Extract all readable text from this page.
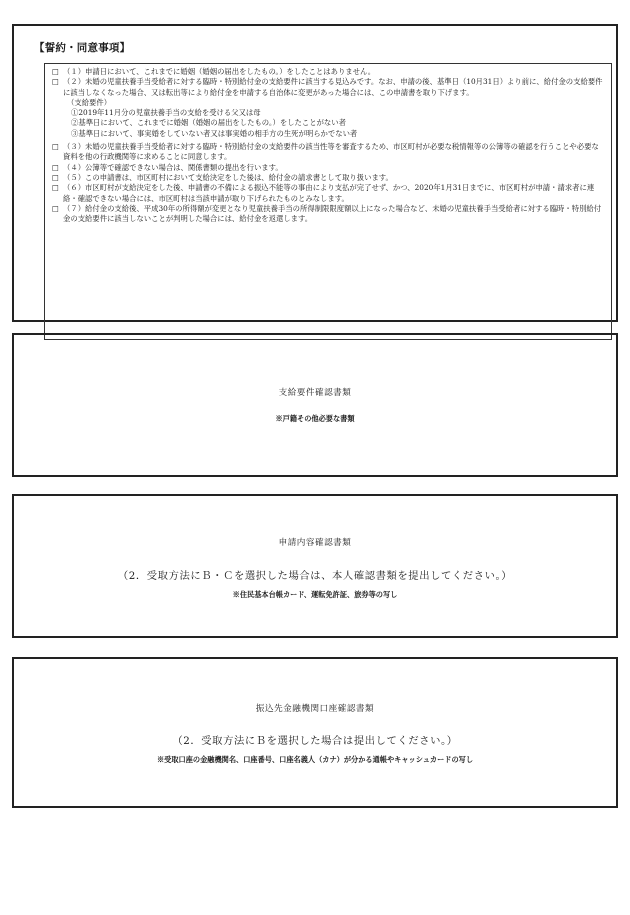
【誓約・同意事項】
□ （１）申請日において、これまでに婚姻（婚姻の届出をしたもの。）をしたことはありません。
□ （２）未婚の児童扶養手当受給者に対する臨時・特別給付金の支給要件に該当する見込みです。なお、申請の後、基準日（10月31日）より前に、給付金の支給要件に該当しなくなった場合、又は転出等により給付金を申請する自治体に変更があった場合には、この申請書を取り下げます。
（支給要件）
①2019年11月分の児童扶養手当の支給を受ける父又は母
②基準日において、これまでに婚姻（婚姻の届出をしたもの。）をしたことがない者
③基準日において、事実婚をしていない者又は事実婚の相手方の生死が明らかでない者
□ （３）未婚の児童扶養手当受給者に対する臨時・特別給付金の支給要件の該当性等を審査するため、市区町村が必要な税情報等の公簿等の確認を行うことや必要な資料を他の行政機関等に求めることに同意します。
□ （４）公簿等で確認できない場合は、関係書類の提出を行います。
□ （５）この申請書は、市区町村において支給決定をした後は、給付金の請求書として取り扱います。
□ （６）市区町村が支給決定をした後、申請書の不備による振込不能等の事由により支払が完了せず、かつ、2020年1月31日までに、市区町村が申請・請求者に連絡・確認できない場合には、市区町村は当該申請が取り下げられたものとみなします。
□ （７）給付金の支給後、平成30年の所得額が変更となり児童扶養手当の所得制限限度額以上になった場合など、未婚の児童扶養手当受給者に対する臨時・特別給付金の支給要件に該当しないことが判明した場合には、給付金を返還します。
支給要件確認書類
※戸籍その他必要な書類
申請内容確認書類
（2．受取方法にＢ・Ｃを選択した場合は、本人確認書類を提出してください。）
※住民基本台帳カード、運転免許証、旅券等の写し
振込先金融機関口座確認書類
（2．受取方法にＢを選択した場合は提出してください。）
※受取口座の金融機関名、口座番号、口座名義人（カナ）が分かる通帳やキャッシュカードの写し
